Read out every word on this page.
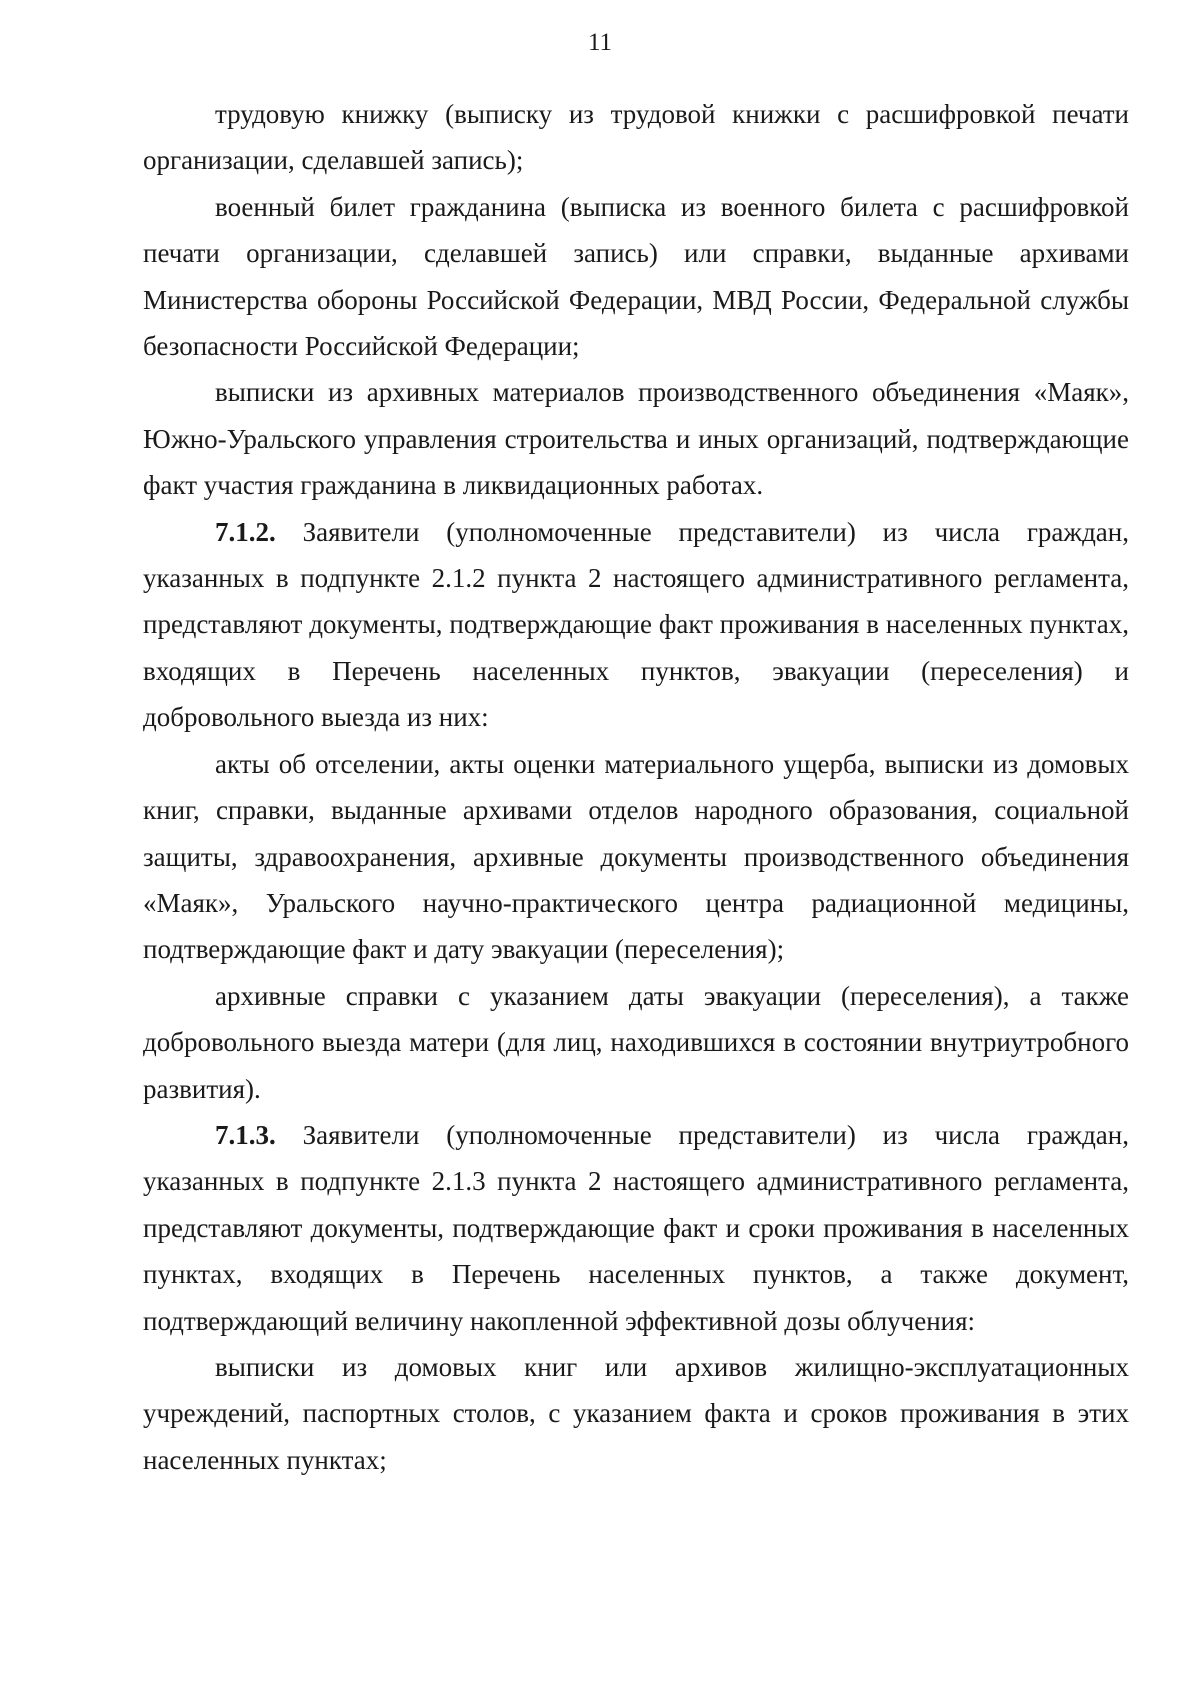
11

трудовую книжку (выписку из трудовой книжки с расшифровкой печати организации, сделавшей запись);

военный билет гражданина (выписка из военного билета с расшифровкой печати организации, сделавшей запись) или справки, выданные архивами Министерства обороны Российской Федерации, МВД России, Федеральной службы безопасности Российской Федерации;

выписки из архивных материалов производственного объединения «Маяк», Южно-Уральского управления строительства и иных организаций, подтверждающие факт участия гражданина в ликвидационных работах.

7.1.2. Заявители (уполномоченные представители) из числа граждан, указанных в подпункте 2.1.2 пункта 2 настоящего административного регламента, представляют документы, подтверждающие факт проживания в населенных пунктах, входящих в Перечень населенных пунктов, эвакуации (переселения) и добровольного выезда из них:

акты об отселении, акты оценки материального ущерба, выписки из домовых книг, справки, выданные архивами отделов народного образования, социальной защиты, здравоохранения, архивные документы производственного объединения «Маяк», Уральского научно-практического центра радиационной медицины, подтверждающие факт и дату эвакуации (переселения);

архивные справки с указанием даты эвакуации (переселения), а также добровольного выезда матери (для лиц, находившихся в состоянии внутриутробного развития).

7.1.3. Заявители (уполномоченные представители) из числа граждан, указанных в подпункте 2.1.3 пункта 2 настоящего административного регламента, представляют документы, подтверждающие факт и сроки проживания в населенных пунктах, входящих в Перечень населенных пунктов, а также документ, подтверждающий величину накопленной эффективной дозы облучения:

выписки из домовых книг или архивов жилищно-эксплуатационных учреждений, паспортных столов, с указанием факта и сроков проживания в этих населенных пунктах;
